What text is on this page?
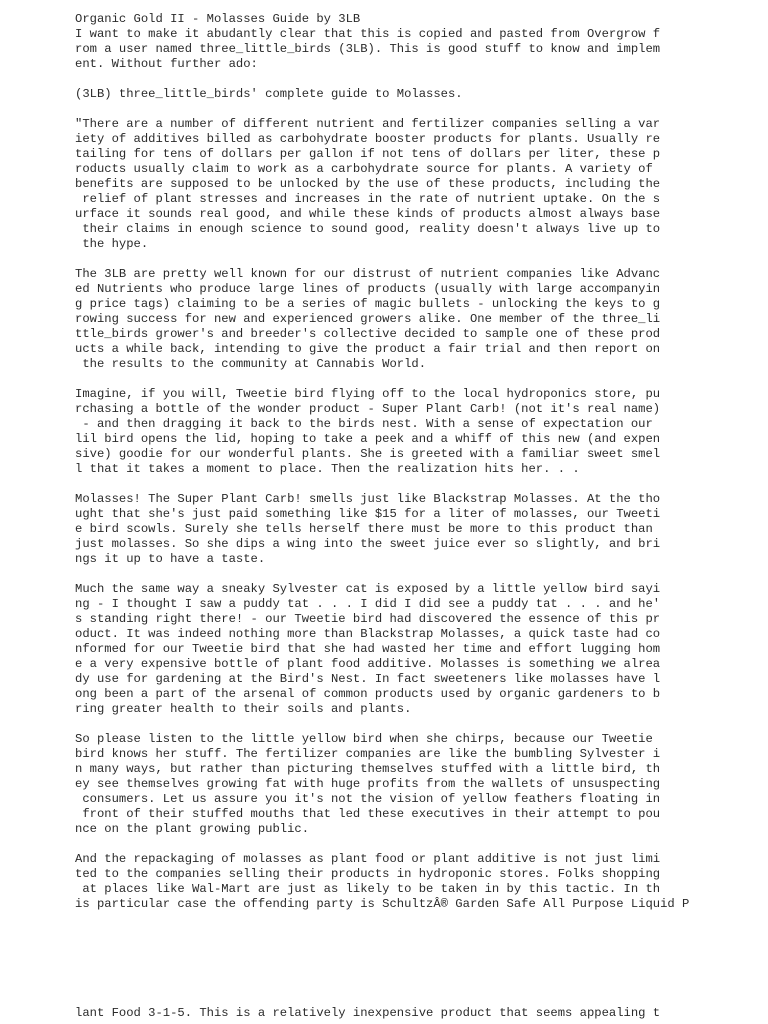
Organic Gold II - Molasses Guide by 3LB

I want to make it abudantly clear that this is copied and pasted from Overgrow f

rom a user named three_little_birds (3LB). This is good stuff to know and implem

ent. Without further ado:

(3LB) three_little_birds' complete guide to Molasses.

"There are a number of different nutrient and fertilizer companies selling a var

iety of additives billed as carbohydrate booster products for plants. Usually re

tailing for tens of dollars per gallon if not tens of dollars per liter, these p

roducts usually claim to work as a carbohydrate source for plants. A variety of

benefits are supposed to be unlocked by the use of these products, including the

relief of plant stresses and increases in the rate of nutrient uptake. On the s

urface it sounds real good, and while these kinds of products almost always base

their claims in enough science to sound good, reality doesn't always live up to

the hype.

The 3LB are pretty well known for our distrust of nutrient companies like Advanc

ed Nutrients who produce large lines of products (usually with large accompanyin

g price tags) claiming to be a series of magic bullets - unlocking the keys to g

rowing success for new and experienced growers alike. One member of the three_li

ttle_birds grower's and breeder's collective decided to sample one of these prod

ucts a while back, intending to give the product a fair trial and then report on

the results to the community at Cannabis World.

Imagine, if you will, Tweetie bird flying off to the local hydroponics store, pu

rchasing a bottle of the wonder product - Super Plant Carb! (not it's real name)

- and then dragging it back to the birds nest. With a sense of expectation our

lil bird opens the lid, hoping to take a peek and a whiff of this new (and expen

sive) goodie for our wonderful plants. She is greeted with a familiar sweet smel

l that it takes a moment to place. Then the realization hits her. . .

Molasses! The Super Plant Carb! smells just like Blackstrap Molasses. At the tho

ught that she's just paid something like $15 for a liter of molasses, our Tweeti

e bird scowls. Surely she tells herself there must be more to this product than

just molasses. So she dips a wing into the sweet juice ever so slightly, and bri

ngs it up to have a taste.

Much the same way a sneaky Sylvester cat is exposed by a little yellow bird sayi

ng - I thought I saw a puddy tat . . . I did I did see a puddy tat . . . and he'

s standing right there! - our Tweetie bird had discovered the essence of this pr

oduct. It was indeed nothing more than Blackstrap Molasses, a quick taste had co

nformed for our Tweetie bird that she had wasted her time and effort lugging hom

e a very expensive bottle of plant food additive. Molasses is something we alrea

dy use for gardening at the Bird's Nest. In fact sweeteners like molasses have l

ong been a part of the arsenal of common products used by organic gardeners to b

ring greater health to their soils and plants.

So please listen to the little yellow bird when she chirps, because our Tweetie

bird knows her stuff. The fertilizer companies are like the bumbling Sylvester i

n many ways, but rather than picturing themselves stuffed with a little bird, th

ey see themselves growing fat with huge profits from the wallets of unsuspecting

consumers. Let us assure you it's not the vision of yellow feathers floating in

front of their stuffed mouths that led these executives in their attempt to pou

nce on the plant growing public.

And the repackaging of molasses as plant food or plant additive is not just limi

ted to the companies selling their products in hydroponic stores. Folks shopping

at places like Wal-Mart are just as likely to be taken in by this tactic. In th

is particular case the offending party is SchultzÂ® Garden Safe All Purpose Liquid P

lant Food 3-1-5. This is a relatively inexpensive product that seems appealing t
